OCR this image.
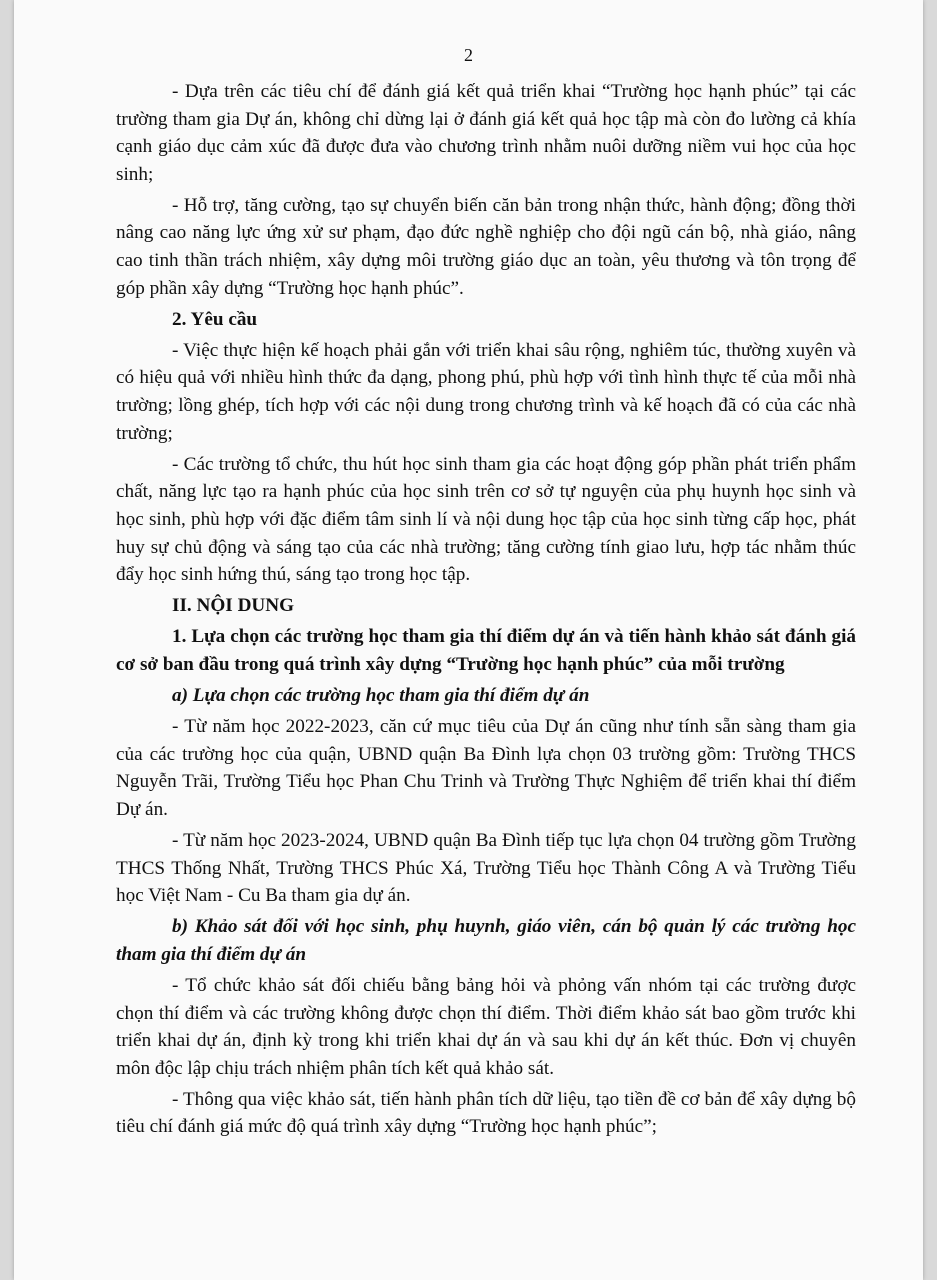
2

- Dựa trên các tiêu chí để đánh giá kết quả triển khai “Trường học hạnh phúc” tại các trường tham gia Dự án, không chỉ dừng lại ở đánh giá kết quả học tập mà còn đo lường cả khía cạnh giáo dục cảm xúc đã được đưa vào chương trình nhằm nuôi dưỡng niềm vui học của học sinh;

- Hỗ trợ, tăng cường, tạo sự chuyển biến căn bản trong nhận thức, hành động; đồng thời nâng cao năng lực ứng xử sư phạm, đạo đức nghề nghiệp cho đội ngũ cán bộ, nhà giáo, nâng cao tinh thần trách nhiệm, xây dựng môi trường giáo dục an toàn, yêu thương và tôn trọng để góp phần xây dựng “Trường học hạnh phúc”.

2. Yêu cầu

- Việc thực hiện kế hoạch phải gắn với triển khai sâu rộng, nghiêm túc, thường xuyên và có hiệu quả với nhiều hình thức đa dạng, phong phú, phù hợp với tình hình thực tế của mỗi nhà trường; lồng ghép, tích hợp với các nội dung trong chương trình và kế hoạch đã có của các nhà trường;

- Các trường tổ chức, thu hút học sinh tham gia các hoạt động góp phần phát triển phẩm chất, năng lực tạo ra hạnh phúc của học sinh trên cơ sở tự nguyện của phụ huynh học sinh và học sinh, phù hợp với đặc điểm tâm sinh lí và nội dung học tập của học sinh từng cấp học, phát huy sự chủ động và sáng tạo của các nhà trường; tăng cường tính giao lưu, hợp tác nhằm thúc đẩy học sinh hứng thú, sáng tạo trong học tập.

II. NỘI DUNG

1. Lựa chọn các trường học tham gia thí điểm dự án và tiến hành khảo sát đánh giá cơ sở ban đầu trong quá trình xây dựng “Trường học hạnh phúc” của mỗi trường

a) Lựa chọn các trường học tham gia thí điểm dự án

- Từ năm học 2022-2023, căn cứ mục tiêu của Dự án cũng như tính sẵn sàng tham gia của các trường học của quận, UBND quận Ba Đình lựa chọn 03 trường gồm: Trường THCS Nguyễn Trãi, Trường Tiểu học Phan Chu Trinh và Trường Thực Nghiệm để triển khai thí điểm Dự án.

- Từ năm học 2023-2024, UBND quận Ba Đình tiếp tục lựa chọn 04 trường gồm Trường THCS Thống Nhất, Trường THCS Phúc Xá, Trường Tiểu học Thành Công A và Trường Tiểu học Việt Nam - Cu Ba tham gia dự án.

b) Khảo sát đối với học sinh, phụ huynh, giáo viên, cán bộ quản lý các trường học tham gia thí điểm dự án

- Tổ chức khảo sát đối chiếu bằng bảng hỏi và phỏng vấn nhóm tại các trường được chọn thí điểm và các trường không được chọn thí điểm. Thời điểm khảo sát bao gồm trước khi triển khai dự án, định kỳ trong khi triển khai dự án và sau khi dự án kết thúc. Đơn vị chuyên môn độc lập chịu trách nhiệm phân tích kết quả khảo sát.

- Thông qua việc khảo sát, tiến hành phân tích dữ liệu, tạo tiền đề cơ bản để xây dựng bộ tiêu chí đánh giá mức độ quá trình xây dựng “Trường học hạnh phúc”;
